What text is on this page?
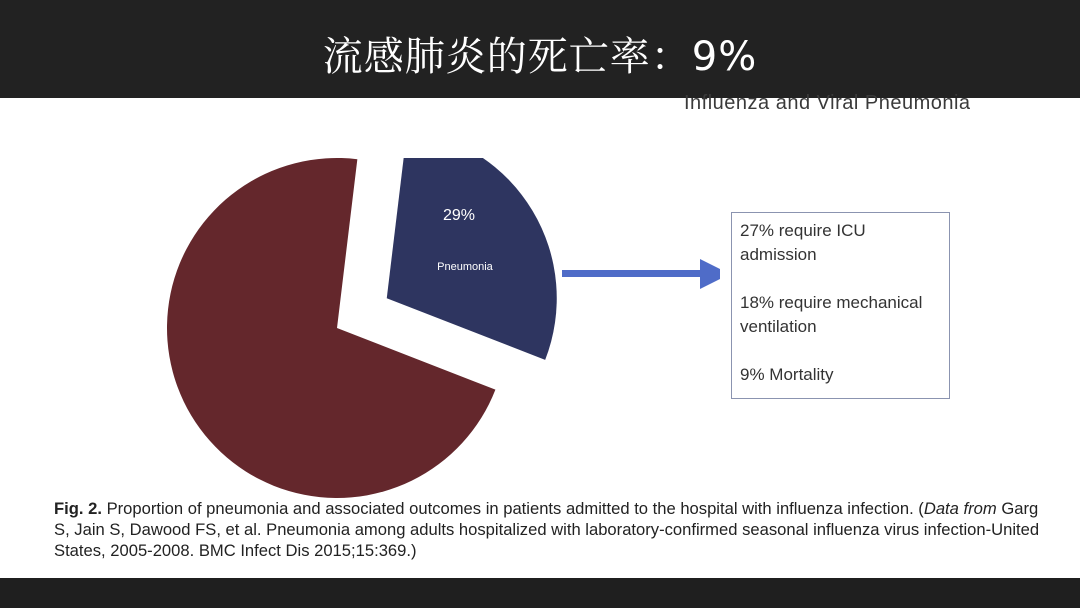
流感肺炎的死亡率：9%
Influenza and Viral Pneumonia
29%
Pneumonia
27% require ICU admission
18% require mechanical ventilation
9% Mortality
Fig. 2. Proportion of pneumonia and associated outcomes in patients admitted to the hospital with influenza infection. (Data from Garg S, Jain S, Dawood FS, et al. Pneumonia among adults hospitalized with laboratory-confirmed seasonal influenza virus infection-United States, 2005-2008. BMC Infect Dis 2015;15:369.)
